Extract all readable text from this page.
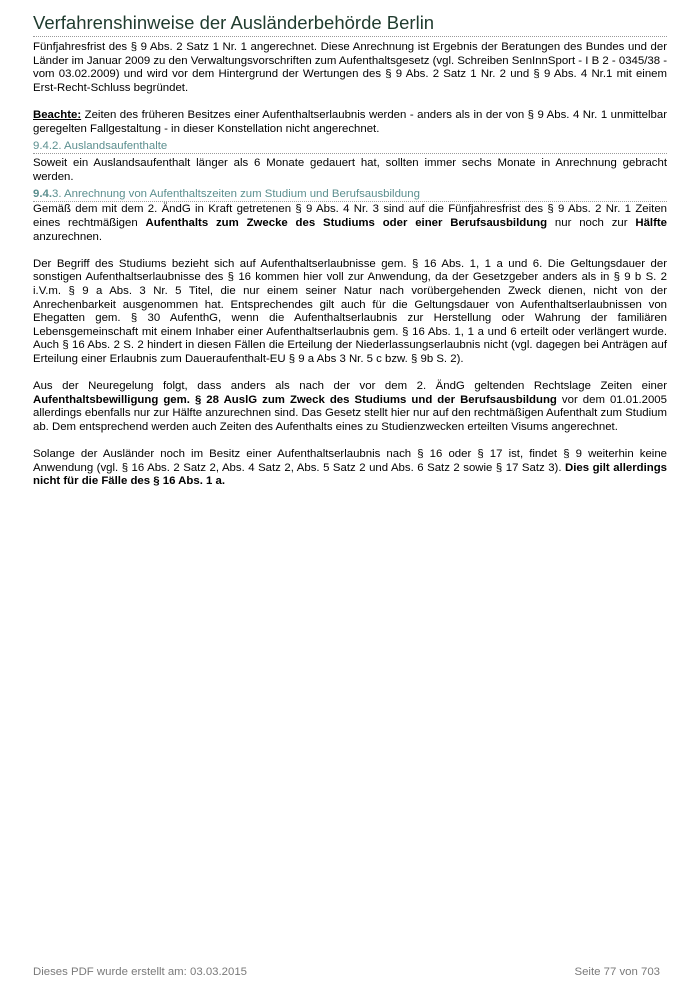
Verfahrenshinweise der Ausländerbehörde Berlin

Fünfjahresfrist des § 9 Abs. 2 Satz 1 Nr. 1 angerechnet. Diese Anrechnung ist Ergebnis der Beratungen des Bundes und der Länder im Januar 2009 zu den Verwaltungsvorschriften zum Aufenthaltsgesetz (vgl. Schreiben SenInnSport - I B 2 - 0345/38 - vom 03.02.2009) und wird vor dem Hintergrund der Wertungen des § 9 Abs. 2 Satz 1 Nr. 2 und § 9 Abs. 4 Nr.1 mit einem Erst-Recht-Schluss begründet.

Beachte: Zeiten des früheren Besitzes einer Aufenthaltserlaubnis werden - anders als in der von § 9 Abs. 4 Nr. 1 unmittelbar geregelten Fallgestaltung - in dieser Konstellation nicht angerechnet.

9.4.2. Auslandsaufenthalte

Soweit ein Auslandsaufenthalt länger als 6 Monate gedauert hat, sollten immer sechs Monate in Anrechnung gebracht werden.

9.4.3. Anrechnung von Aufenthaltszeiten zum Studium und Berufsausbildung

Gemäß dem mit dem 2. ÄndG in Kraft getretenen § 9 Abs. 4 Nr. 3 sind auf die Fünfjahresfrist des § 9 Abs. 2 Nr. 1 Zeiten eines rechtmäßigen Aufenthalts zum Zwecke des Studiums oder einer Berufsausbildung nur noch zur Hälfte anzurechnen.

Der Begriff des Studiums bezieht sich auf Aufenthaltserlaubnisse gem. § 16 Abs. 1, 1 a und 6. Die Geltungsdauer der sonstigen Aufenthaltserlaubnisse des § 16 kommen hier voll zur Anwendung, da der Gesetzgeber anders als in § 9 b S. 2 i.V.m. § 9 a Abs. 3 Nr. 5 Titel, die nur einem seiner Natur nach vorübergehenden Zweck dienen, nicht von der Anrechenbarkeit ausgenommen hat. Entsprechendes gilt auch für die Geltungsdauer von Aufenthaltserlaubnissen von Ehegatten gem. § 30 AufenthG, wenn die Aufenthaltserlaubnis zur Herstellung oder Wahrung der familiären Lebensgemeinschaft mit einem Inhaber einer Aufenthaltserlaubnis gem. § 16 Abs. 1, 1 a und 6 erteilt oder verlängert wurde. Auch § 16 Abs. 2 S. 2 hindert in diesen Fällen die Erteilung der Niederlassungserlaubnis nicht (vgl. dagegen bei Anträgen auf Erteilung einer Erlaubnis zum Daueraufenthalt-EU § 9 a Abs 3 Nr. 5 c bzw. § 9b S. 2).

Aus der Neuregelung folgt, dass anders als nach der vor dem 2. ÄndG geltenden Rechtslage Zeiten einer Aufenthaltsbewilligung gem. § 28 AuslG zum Zweck des Studiums und der Berufsausbildung vor dem 01.01.2005 allerdings ebenfalls nur zur Hälfte anzurechnen sind. Das Gesetz stellt hier nur auf den rechtmäßigen Aufenthalt zum Studium ab. Dem entsprechend werden auch Zeiten des Aufenthalts eines zu Studienzwecken erteilten Visums angerechnet.

Solange der Ausländer noch im Besitz einer Aufenthaltserlaubnis nach § 16 oder § 17 ist, findet § 9 weiterhin keine Anwendung (vgl. § 16 Abs. 2 Satz 2, Abs. 4 Satz 2, Abs. 5 Satz 2 und Abs. 6 Satz 2 sowie § 17 Satz 3). Dies gilt allerdings nicht für die Fälle des § 16 Abs. 1 a.

Dieses PDF wurde erstellt am: 03.03.2015	Seite 77 von 703
